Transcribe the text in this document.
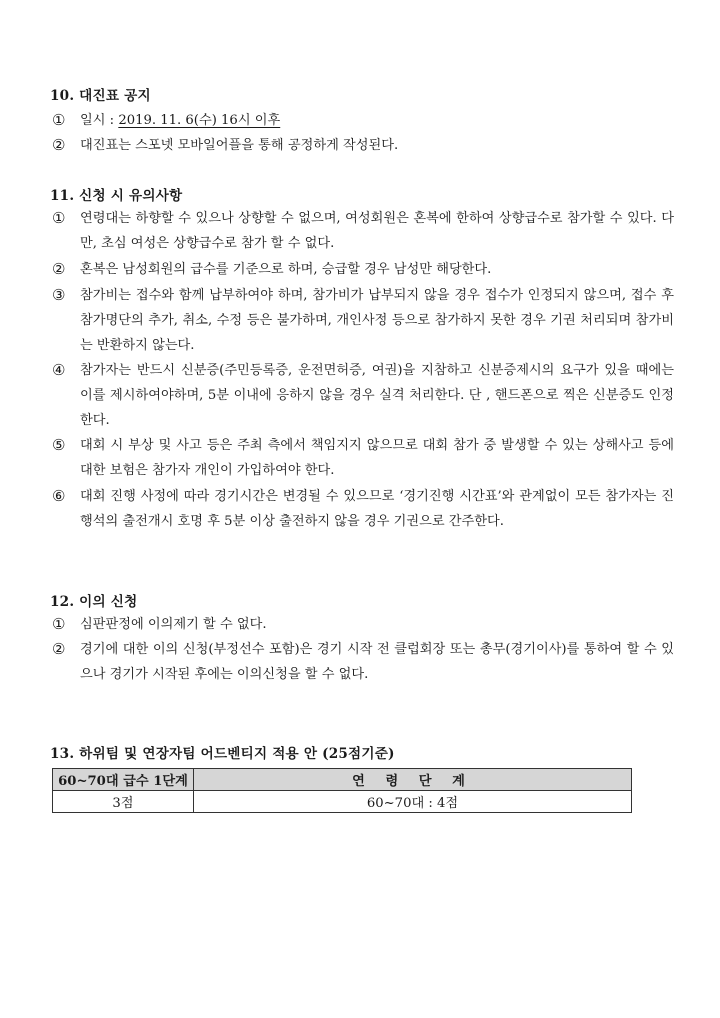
10. 대진표 공지
① 일시 : 2019. 11. 6(수) 16시 이후
② 대진표는 스포넷 모바일어플을 통해 공정하게 작성된다.
11. 신청 시 유의사항
① 연령대는 하향할 수 있으나 상향할 수 없으며, 여성회원은 혼복에 한하여 상향급수로 참가할 수 있다. 다만, 초심 여성은 상향급수로 참가 할 수 없다.
② 혼복은 남성회원의 급수를 기준으로 하며, 승급할 경우 남성만 해당한다.
③ 참가비는 접수와 함께 납부하여야 하며, 참가비가 납부되지 않을 경우 접수가 인정되지 않으며, 접수 후 참가명단의 추가, 취소, 수정 등은 불가하며, 개인사정 등으로 참가하지 못한 경우 기권 처리되며 참가비는 반환하지 않는다.
④ 참가자는 반드시 신분증(주민등록증, 운전면허증, 여권)을 지참하고 신분증제시의 요구가 있을 때에는 이를 제시하여야하며, 5분 이내에 응하지 않을 경우 실격 처리한다. 단 , 핸드폰으로 찍은 신분증도 인정 한다.
⑤ 대회 시 부상 및 사고 등은 주최 측에서 책임지지 않으므로 대회 참가 중 발생할 수 있는 상해사고 등에 대한 보험은 참가자 개인이 가입하여야 한다.
⑥ 대회 진행 사정에 따라 경기시간은 변경될 수 있으므로 ‘경기진행 시간표’와 관계없이 모든 참가자는 진행석의 출전개시 호명 후 5분 이상 출전하지 않을 경우 기권으로 간주한다.
12. 이의 신청
① 심판판정에 이의제기 할 수 없다.
② 경기에 대한 이의 신청(부정선수 포함)은 경기 시작 전 클럽회장 또는 총무(경기이사)를 통하여 할 수 있으나 경기가 시작된 후에는 이의신청을 할 수 없다.
13. 하위팀 및 연장자팀 어드벤티지 적용 안 (25점기준)
60~70대 급수 1단계	연 령 단 계
3점	60~70대 : 4점
